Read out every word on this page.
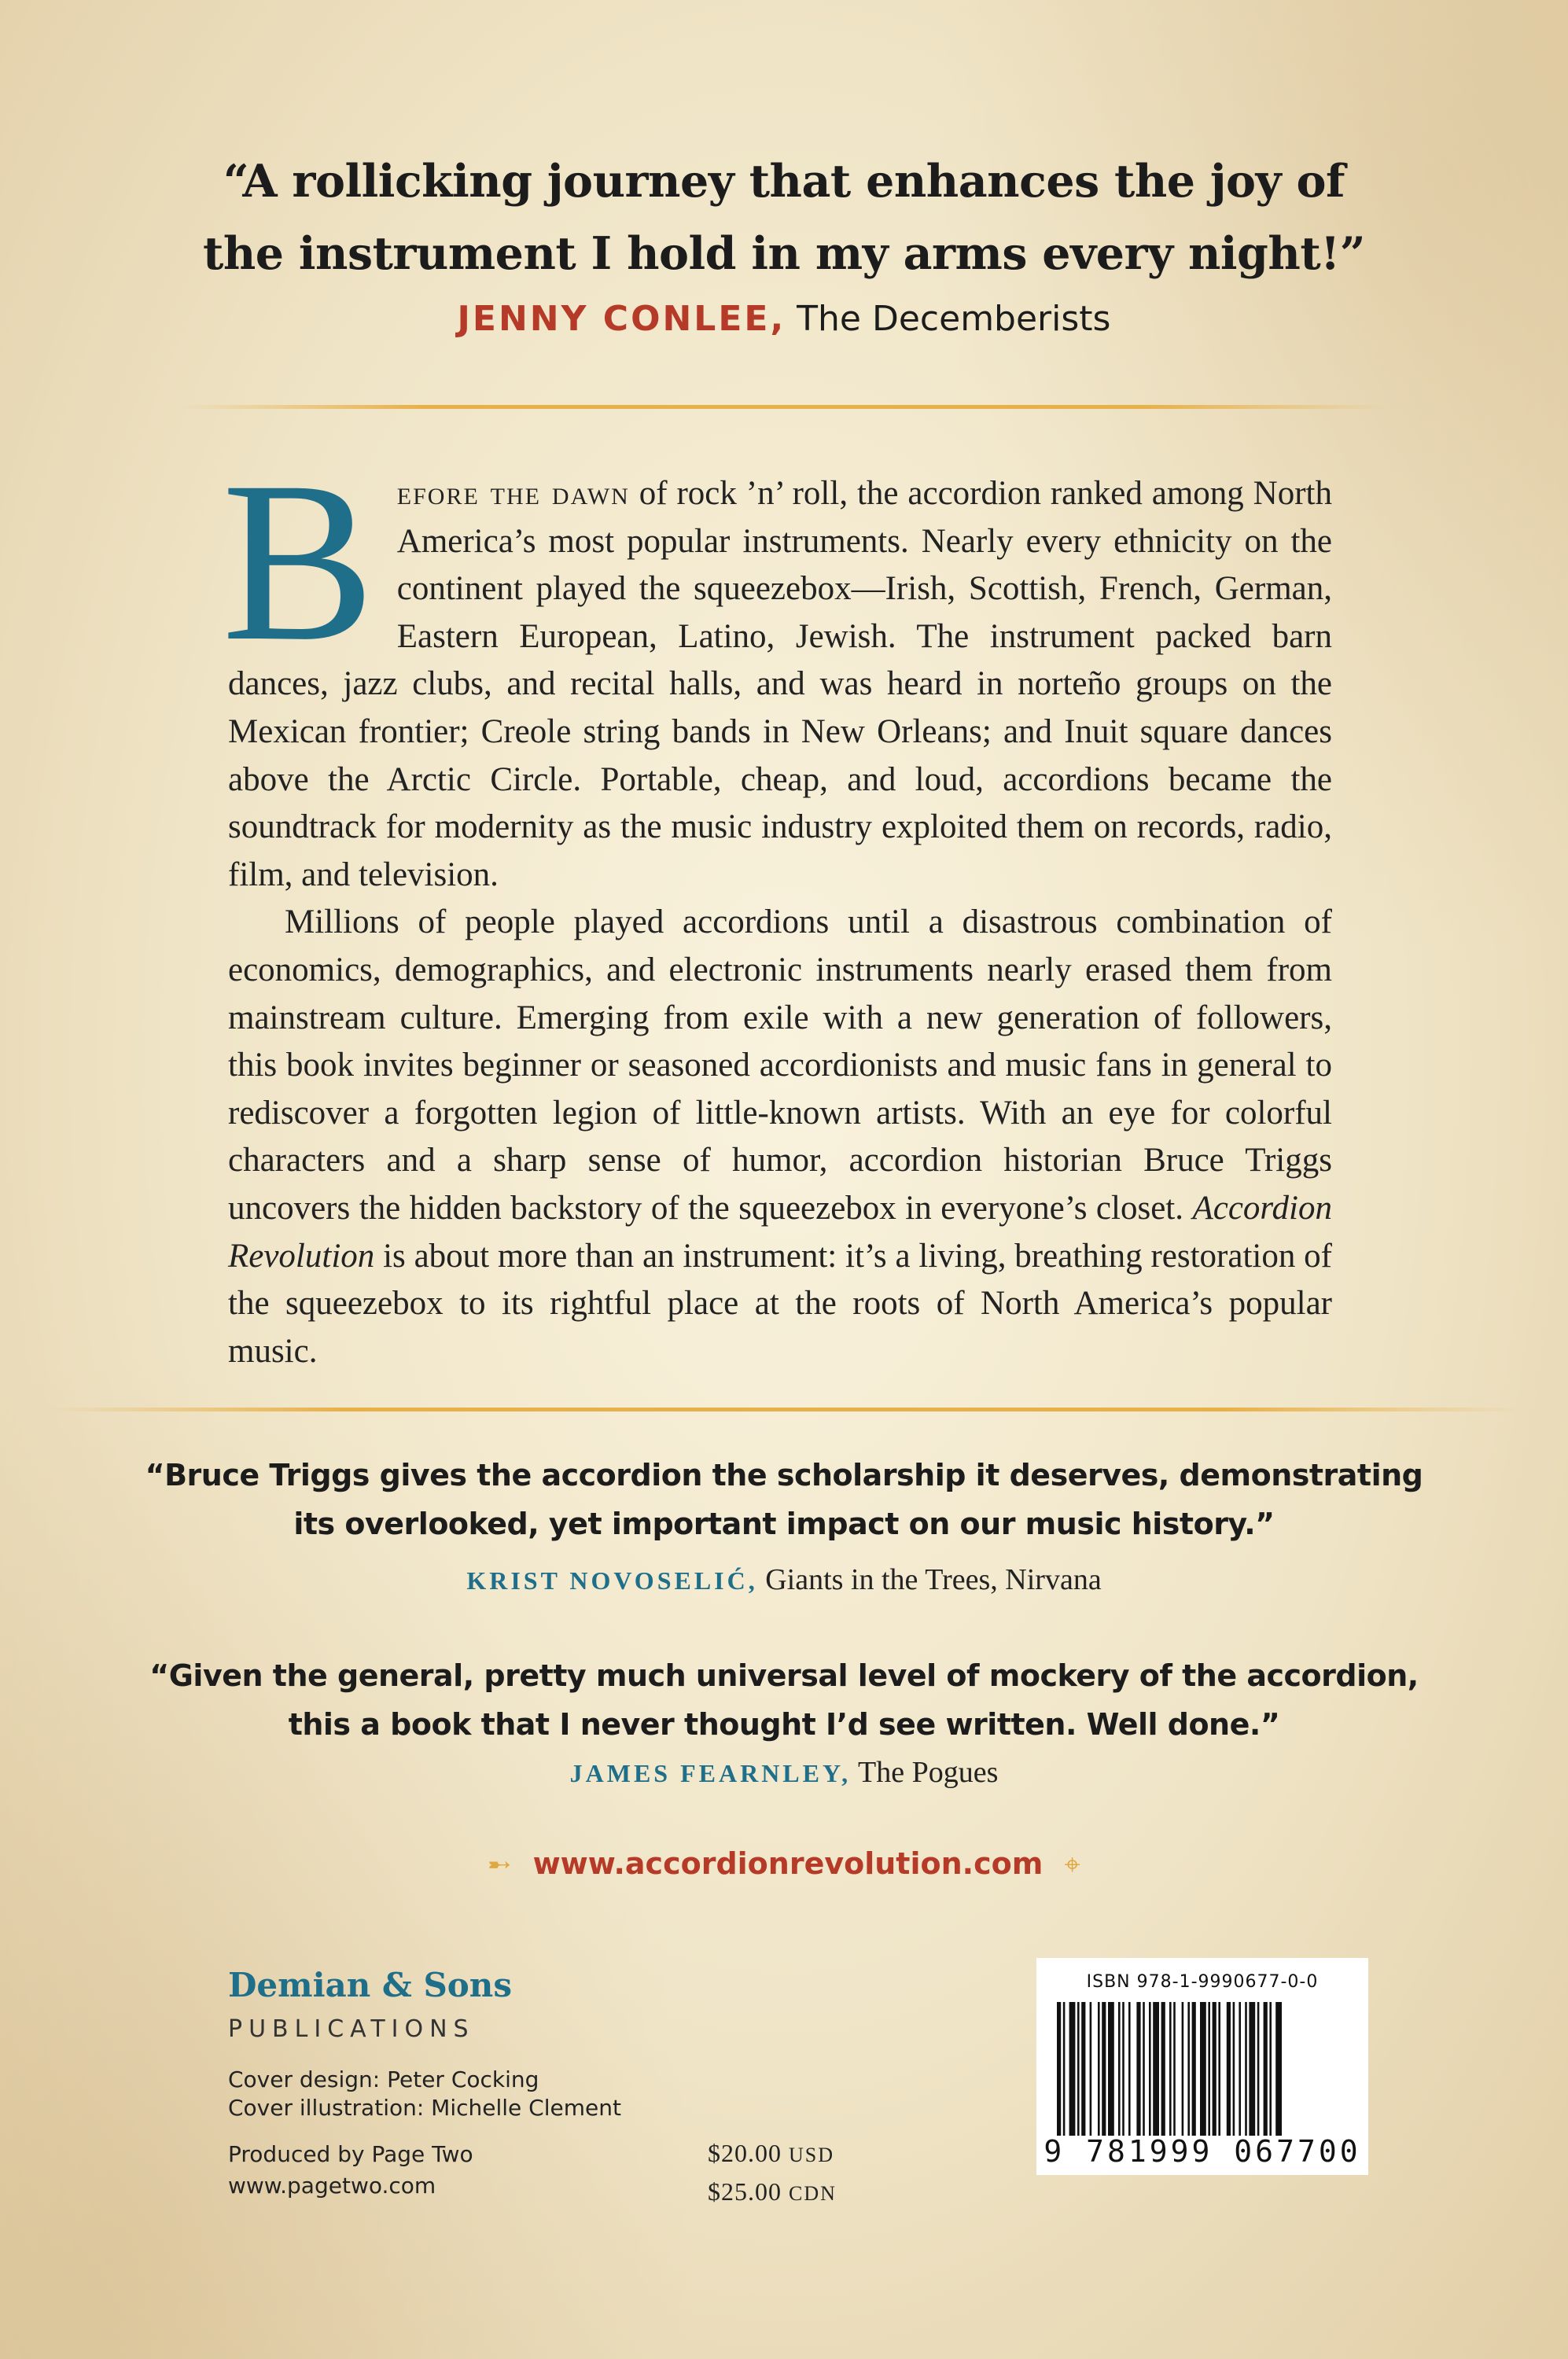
“A rollicking journey that enhances the joy of
the instrument I hold in my arms every night!”
JENNY CONLEE, The Decemberists

Before the dawn of rock ’n’ roll, the accordion ranked among North America’s most popular instruments. Nearly every ethnicity on the continent played the squeezebox—Irish, Scottish, French, German, Eastern European, Latino, Jewish. The instrument packed barn dances, jazz clubs, and recital halls, and was heard in norteño groups on the Mexican frontier; Creole string bands in New Orleans; and Inuit square dances above the Arctic Circle. Portable, cheap, and loud, accordions became the soundtrack for modernity as the music industry exploited them on records, radio, film, and television.

Millions of people played accordions until a disastrous combination of economics, demographics, and electronic instruments nearly erased them from mainstream culture. Emerging from exile with a new generation of followers, this book invites beginner or seasoned accordionists and music fans in general to rediscover a forgotten legion of little-known artists. With an eye for colorful characters and a sharp sense of humor, accordion historian Bruce Triggs uncovers the hidden backstory of the squeezebox in everyone’s closet. Accordion Revolution is about more than an instrument: it’s a living, breathing restoration of the squeezebox to its rightful place at the roots of North America’s popular music.

“Bruce Triggs gives the accordion the scholarship it deserves, demonstrating
its overlooked, yet important impact on our music history.”
KRIST NOVOSELIĆ, Giants in the Trees, Nirvana
“Given the general, pretty much universal level of mockery of the accordion,
this a book that I never thought I’d see written. Well done.”
JAMES FEARNLEY, The Pogues
➸ www.accordionrevolution.com ⌖
Demian & Sons
PUBLICATIONS
Cover design: Peter Cocking
Cover illustration: Michelle Clement
Produced by Page Two
www.pagetwo.com
$20.00 USD
$25.00 CDN
ISBN 978-1-9990677-0-0
9 781999 067700
